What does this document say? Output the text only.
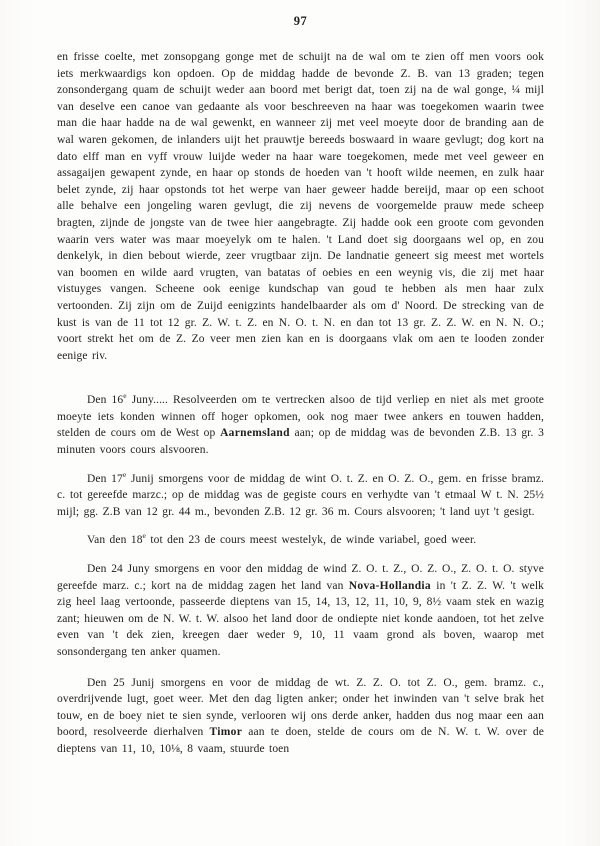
97

en frisse coelte, met zonsopgang gonge met de schuijt na de wal om te zien off men voors ook iets merkwaardigs kon opdoen. Op de middag hadde de bevonde Z. B. van 13 graden; tegen zonsondergang quam de schuijt weder aan boord met berigt dat, toen zij na de wal gonge, ¼ mijl van deselve een canoe van gedaante als voor beschreeven na haar was toegekomen waarin twee man die haar hadde na de wal gewenkt, en wanneer zij met veel moeyte door de branding aan de wal waren gekomen, de inlanders uijt het prauwtje bereeds boswaard in waare gevlugt; dog kort na dato elff man en vyff vrouw luijde weder na haar ware toegekomen, mede met veel geweer en assagaijen gewapent zynde, en haar op stonds de hoeden van 't hooft wilde neemen, en zulk haar belet zynde, zij haar opstonds tot het werpe van haer geweer hadde bereijd, maar op een schoot alle behalve een jongeling waren gevlugt, die zij nevens de voorgemelde prauw mede scheep bragten, zijnde de jongste van de twee hier aangebragte. Zij hadde ook een groote com gevonden waarin vers water was maar moeyelyk om te halen. 't Land doet sig doorgaans wel op, en zou denkelyk, in dien bebout wierde, zeer vrugtbaar zijn. De landnatie geneert sig meest met wortels van boomen en wilde aard vrugten, van batatas of oebies en een weynig vis, die zij met haar vistuyges vangen. Scheene ook eenige kundschap van goud te hebben als men haar zulx vertoonden. Zij zijn om de Zuijd eenigzints handelbaarder als om d' Noord. De strecking van de kust is van de 11 tot 12 gr. Z. W. t. Z. en N. O. t. N. en dan tot 13 gr. Z. Z. W. en N. N. O.; voort strekt het om de Z. Zo veer men zien kan en is doorgaans vlak om aen te looden zonder eenige riv.

Den 16e Juny..... Resolveerden om te vertrecken alsoo de tijd verliep en niet als met groote moeyte iets konden winnen off hoger opkomen, ook nog maer twee ankers en touwen hadden, stelden de cours om de West op Aarnemsland aan; op de middag was de bevonden Z.B. 13 gr. 3 minuten voors cours alsvooren.

Den 17e Junij smorgens voor de middag de wint O. t. Z. en O. Z. O., gem. en frisse bramz. c. tot gereefde marzc.; op de middag was de gegiste cours en verhydte van 't etmaal W t. N. 25½ mijl; gg. Z.B van 12 gr. 44 m., bevonden Z.B. 12 gr. 36 m. Cours alsvooren; 't land uyt 't gesigt.

Van den 18e tot den 23 de cours meest westelyk, de winde variabel, goed weer.

Den 24 Juny smorgens en voor den middag de wind Z. O. t. Z., O. Z. O., Z. O. t. O. styve gereefde marz. c.; kort na de middag zagen het land van Nova-Hollandia in 't Z. Z. W. 't welk zig heel laag vertoonde, passeerde dieptens van 15, 14, 13, 12, 11, 10, 9, 8½ vaam stek en wazig zant; hieuwen om de N. W. t. W. alsoo het land door de ondiepte niet konde aandoen, tot het zelve even van 't dek zien, kreegen daer weder 9, 10, 11 vaam grond als boven, waarop met sonsondergang ten anker quamen.

Den 25 Junij smorgens en voor de middag de wt. Z. Z. O. tot Z. O., gem. bramz. c., overdrijvende lugt, goet weer. Met den dag ligten anker; onder het inwinden van 't selve brak het touw, en de boey niet te sien synde, verlooren wij ons derde anker, hadden dus nog maar een aan boord, resolveerde dierhalven Timor aan te doen, stelde de cours om de N. W. t. W. over de dieptens van 11, 10, 10⅛, 8 vaam, stuurde toen
